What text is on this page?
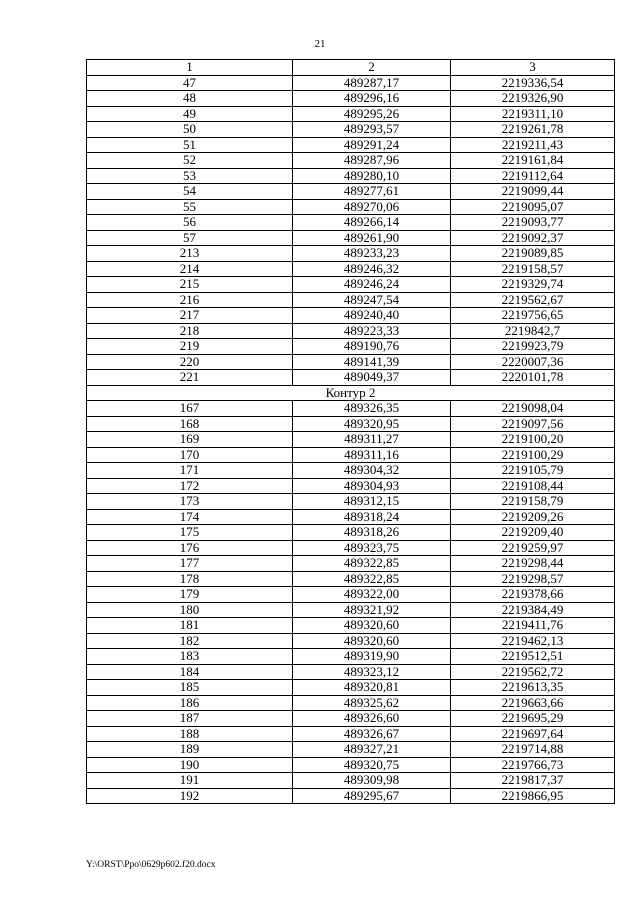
21
1	2	3
47	489287,17	2219336,54
48	489296,16	2219326,90
49	489295,26	2219311,10
50	489293,57	2219261,78
51	489291,24	2219211,43
52	489287,96	2219161,84
53	489280,10	2219112,64
54	489277,61	2219099,44
55	489270,06	2219095,07
56	489266,14	2219093,77
57	489261,90	2219092,37
213	489233,23	2219089,85
214	489246,32	2219158,57
215	489246,24	2219329,74
216	489247,54	2219562,67
217	489240,40	2219756,65
218	489223,33	2219842,7
219	489190,76	2219923,79
220	489141,39	2220007,36
221	489049,37	2220101,78
Контур 2		
167	489326,35	2219098,04
168	489320,95	2219097,56
169	489311,27	2219100,20
170	489311,16	2219100,29
171	489304,32	2219105,79
172	489304,93	2219108,44
173	489312,15	2219158,79
174	489318,24	2219209,26
175	489318,26	2219209,40
176	489323,75	2219259,97
177	489322,85	2219298,44
178	489322,85	2219298,57
179	489322,00	2219378,66
180	489321,92	2219384,49
181	489320,60	2219411,76
182	489320,60	2219462,13
183	489319,90	2219512,51
184	489323,12	2219562,72
185	489320,81	2219613,35
186	489325,62	2219663,66
187	489326,60	2219695,29
188	489326,67	2219697,64
189	489327,21	2219714,88
190	489320,75	2219766,73
191	489309,98	2219817,37
192	489295,67	2219866,95
Y:\ORST\Ppo\0629p602.f20.docx
